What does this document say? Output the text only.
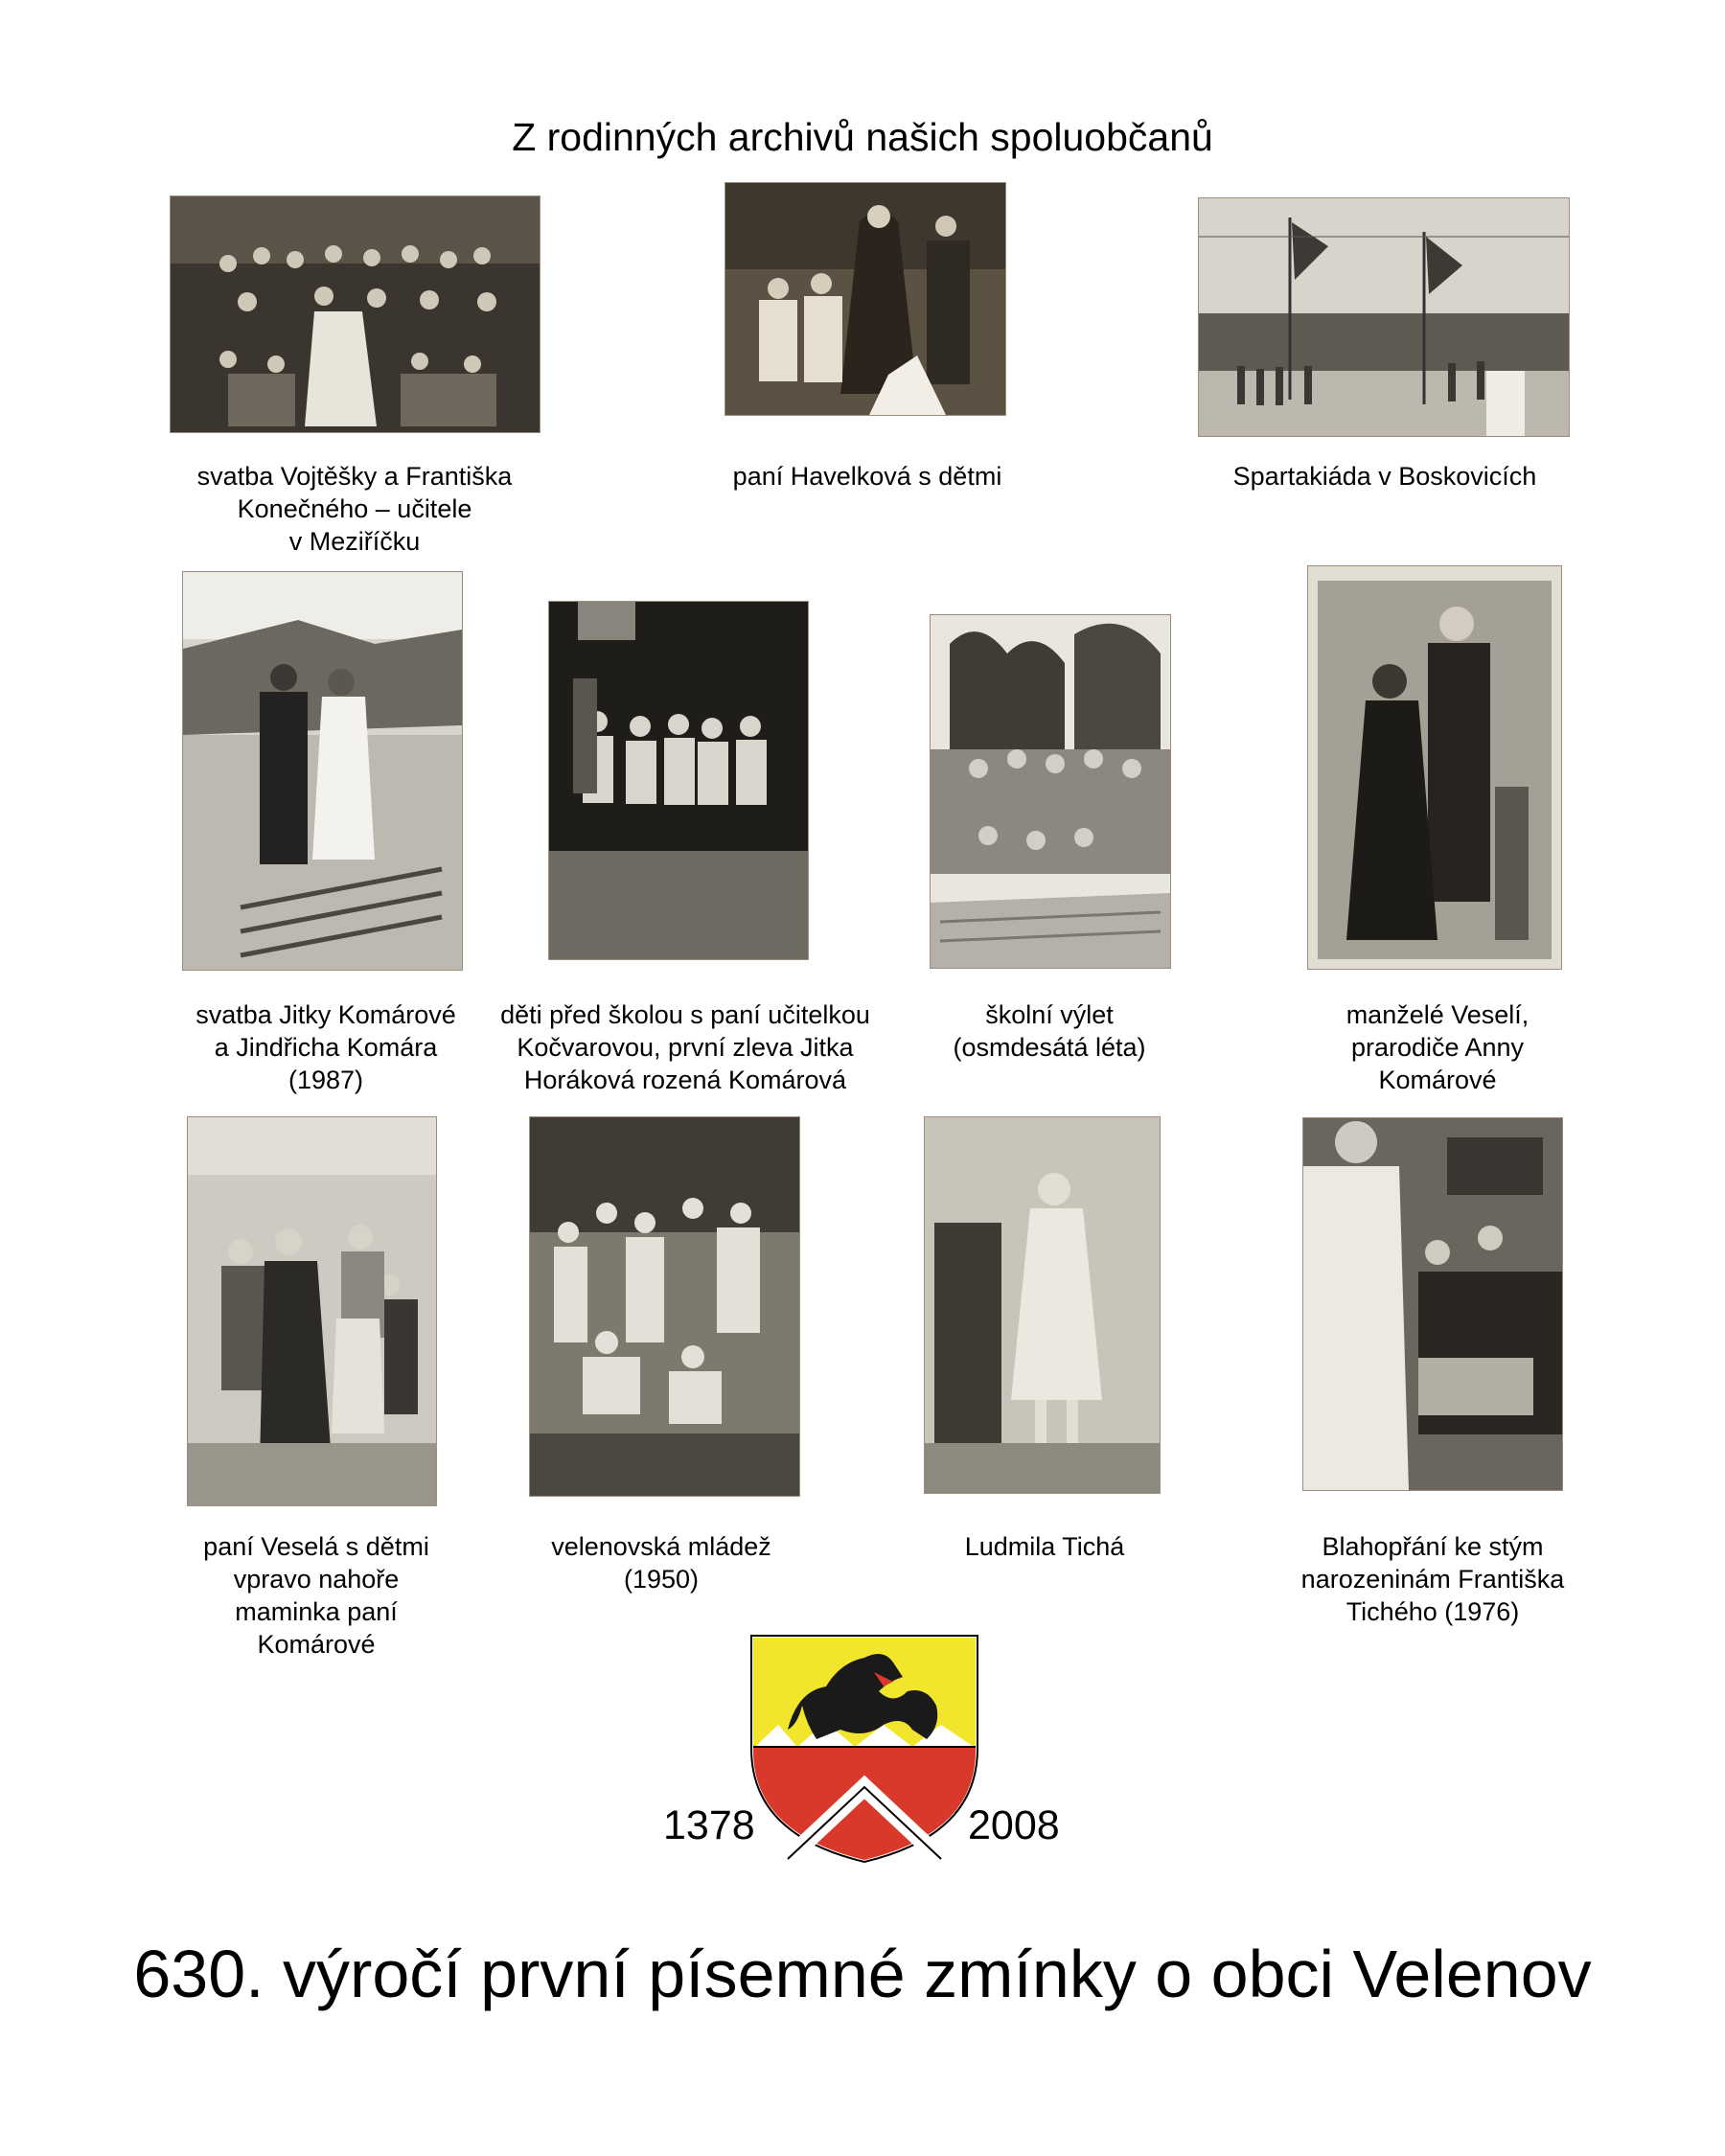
Z rodinných archivů našich spoluobčanů
svatba Vojtěšky a Františka
Konečného – učitele
v Meziříčku
paní Havelková s dětmi	Spartakiáda v Boskovicích
svatba Jitky Komárové
a Jindřicha Komára
(1987)
děti před školou s paní učitelkou
Kočvarovou, první zleva Jitka
Horáková rozená Komárová
školní výlet
(osmdesátá léta)
manželé Veselí,
prarodiče Anny
Komárové
paní Veselá s dětmi
vpravo nahoře
maminka paní
Komárové
velenovská mládež
(1950)
Ludmila Tichá	Blahopřání ke stým
narozeninám Františka
Tichého (1976)
1378	2008
630. výročí první písemné zmínky o obci Velenov
